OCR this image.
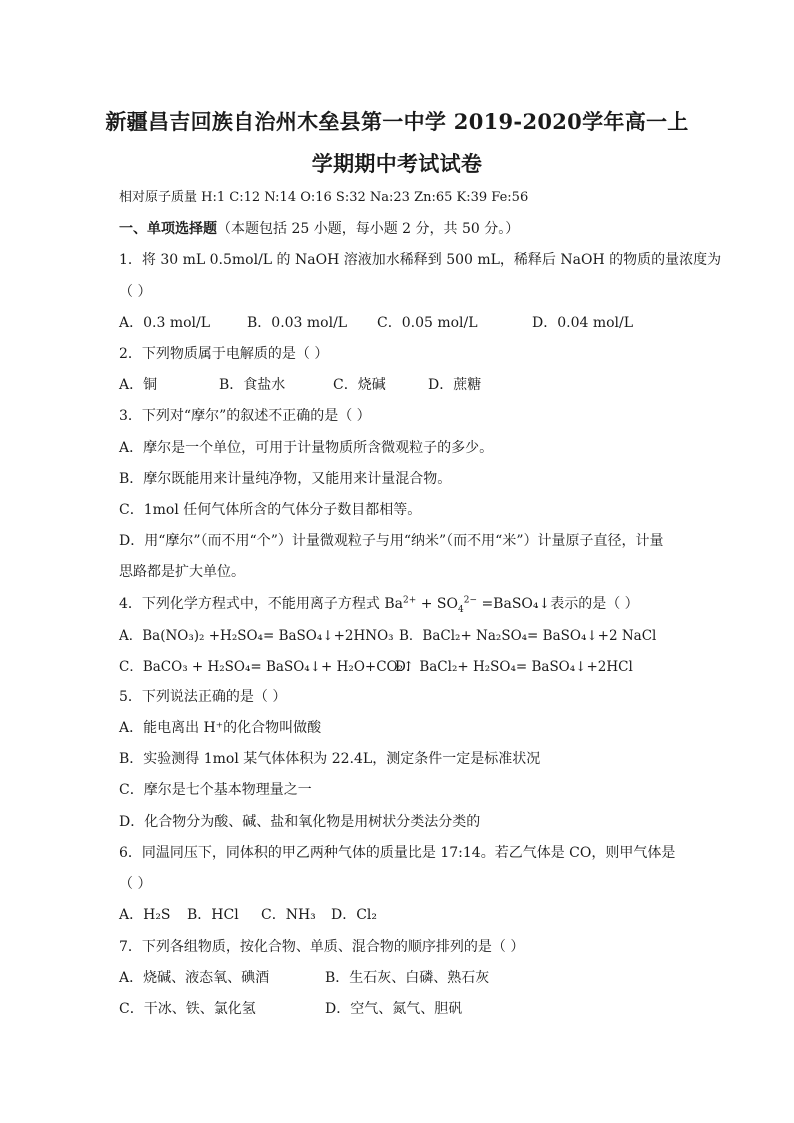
新疆昌吉回族自治州木垒县第一中学 2019-2020学年高一上
学期期中考试试卷
相对原子质量 H:1 C:12 N:14 O:16 S:32 Na:23 Zn:65 K:39 Fe:56
一、单项选择题（本题包括 25 小题，每小题 2 分，共 50 分。）
1．将 30 mL 0.5mol/L 的 NaOH 溶液加水稀释到 500 mL，稀释后 NaOH 的物质的量浓度为
（ ）
A．0.3 mol/L	B．0.03 mol/L C．0.05 mol/L	D．0.04 mol/L
2．下列物质属于电解质的是（ ）
A．铜	B．食盐水	C．烧碱	D．蔗糖
3．下列对“摩尔”的叙述不正确的是（ ）
A．摩尔是一个单位，可用于计量物质所含微观粒子的多少。
B．摩尔既能用来计量纯净物，又能用来计量混合物。
C．1mol 任何气体所含的气体分子数目都相等。
D．用“摩尔”（而不用“个”）计量微观粒子与用“纳米”（而不用“米”）计量原子直径，计量
思路都是扩大单位。
4．下列化学方程式中，不能用离子方程式 $Ba^{2+} + SO_4^{2-}$ =BaSO₄↓表示的是（ ）
A．Ba(NO₃)₂ +H₂SO₄= BaSO₄↓+2HNO₃ B．BaCl₂+ Na₂SO₄= BaSO₄↓+2 NaCl
C．BaCO₃ + H₂SO₄= BaSO₄↓+ H₂O+CO₂↑D．BaCl₂+ H₂SO₄= BaSO₄↓+2HCl
5．下列说法正确的是（ ）
A．能电离出 H⁺的化合物叫做酸
B．实验测得 1mol 某气体体积为 22.4L，测定条件一定是标准状况
C．摩尔是七个基本物理量之一
D．化合物分为酸、碱、盐和氧化物是用树状分类法分类的
6．同温同压下，同体积的甲乙两种气体的质量比是 17:14。若乙气体是 CO，则甲气体是
（ ）
A．H₂S B．HCl C．NH₃ D．Cl₂
7．下列各组物质，按化合物、单质、混合物的顺序排列的是（ ）
A．烧碱、液态氧、碘酒	B．生石灰、白磷、熟石灰
C．干冰、铁、氯化氢	D．空气、氮气、胆矾
